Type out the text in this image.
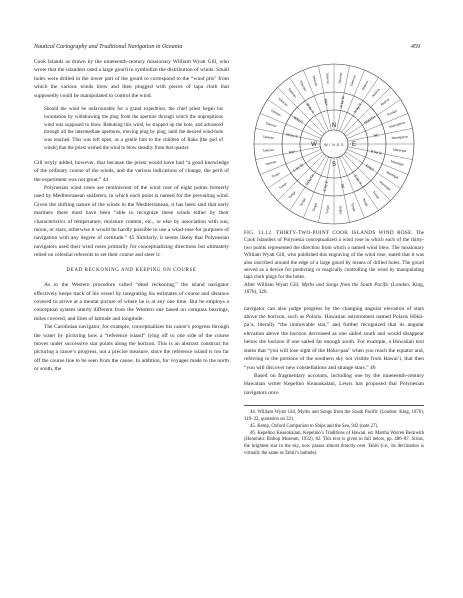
Nautical Cartography and Traditional Navigation in Oceania	459

Cook Islands as drawn by the nineteenth-century missionary William Wyatt Gill, who wrote that the islanders used a large gourd to symbolize the distribution of winds. Small holes were drilled in the lower part of the gourd to correspond to the “wind pits” from which the various winds blow and then plugged with pieces of tapa cloth that supposedly could be manipulated to control the wind.

Should the wind be unfavourable for a grand expedition, the chief priest began his incantation by withdrawing the plug from the aperture through which the unpropitious wind was supposed to blow. Rebuking this wind, he stopped up the hole, and advanced through all the intermediate apertures, moving plug by plug, until the desired wind-hole was reached. This was left open, as a gentle hint to the children of Raka [the god of winds] that the priest wished the wind to blow steadily from that quarter.

Gill wryly added, however, that because the priest would have had “a good knowledge of the ordinary course of the winds, and the various indications of change, the peril of the experiment was not great.” 44

Polynesian wind roses are reminiscent of the wind rose of eight points formerly used by Mediterranean seafarers, in which each point is named for the prevailing wind. Given the shifting nature of the winds in the Mediterranean, it has been said that early mariners there must have been “able to recognize these winds either by their characteristics of temperature, moisture content, etc., or else by association with sun, moon, or stars, otherwise it would be hardly possible to use a wind-rose for purposes of navigation with any degree of certitude.” 45 Similarly, it seems likely that Polynesian navigators used their wind roses primarily for conceptualizing directions but ultimately relied on celestial referents to set their course and steer it.

DEAD RECKONING AND KEEPING ON COURSE

As in the Western procedure called “dead reckoning,” the island navigator effectively keeps track of his vessel by integrating his estimates of course and distance covered to arrive at a mental picture of where he is at any one time. But he employs a conceptual system utterly different from the Western one based on compass bearings, miles covered, and lines of latitude and longitude.

The Carolinian navigator, for example, conceptualizes his canoe’s progress through the water by picturing how a “reference island” lying off to one side of the course moves under successive star points along the horizon. This is an abstract construct for picturing a canoe’s progress, not a precise measure, since the reference island is too far off the course line to be seen from the canoe. In addition, for voyages made to the north or south, the

N by W
N by E
NORTH
NE
E by N
EAST
E by S
SE
S by E
SOUTH
S by W
SW
W by S
WEST
W by N
NW
Tokerau Tokerau Akarua
Akarua
Akarua
Parapu
Maungaroa
Maungaroa
Marangai
Marangai
Marangai
Marangai
Tonga
Tonga
Tonga
Tonga
Tonga
Tonga
Tonga
Tonga
Tonga
Tonga
Tokerau
Tokerau
Tokerau
Tokerau
Tokerau
Tokerau
Tokerau
Tokerau Tokerau Tokerau
N
S
E
W W I N D S
FIG. 13.12. THIRTY-TWO-POINT COOK ISLANDS WIND ROSE. The Cook Islanders of Polynesia conceptualized a wind rose in which each of the thirty-two points represented the direction from which a named wind blew. The missionary William Wyatt Gill, who published this engraving of the wind rose, stated that it was also inscribed around the edge of a large gourd by means of drilled holes. The gourd served as a device for predicting or magically controlling the wind by manipulating tapa cloth plugs for the holes.
After William Wyatt Gill, Myths and Songs from the South Pacific (London: King, 1876), 320.

navigator can also judge progress by the changing angular elevation of stars above the horizon, such as Polaris. Hawaiian astronomers named Polaris Hōkū-pa’a, literally “the immovable star,” and further recognized that its angular elevation above the horizon decreased as one sailed south and would disappear below the horizon if one sailed far enough south. For example, a Hawaiian text states that “you will lose sight of the Hoku-paa” when you reach the equator and, referring to the portions of the southern sky not visible from Hawai’i, that then “you will discover new constellations and strange stars.” 46

Based on fragmentary accounts, including one by the nineteenth-century Hawaiian writer Kepelino Keauokalani, Lewis has proposed that Polynesian navigators once

44. William Wyatt Gill, Myths and Songs from the South Pacific (London: King, 1876), 319–22, quotation on 321.
45. Kemp, Oxford Companion to Ships and the Sea, 942 (note 27).
46. Kepelino Keauokalani, Kepelino’s Traditions of Hawaii, ed. Martha Warren Beckwith (Honolulu: Bishop Museum, 1932), 82. This text is given in full below, pp. 486–87. Sirius, the brightest star in the sky, now passes almost directly over Tahiti (i.e., its declination is virtually the same as Tahiti’s latitude).
